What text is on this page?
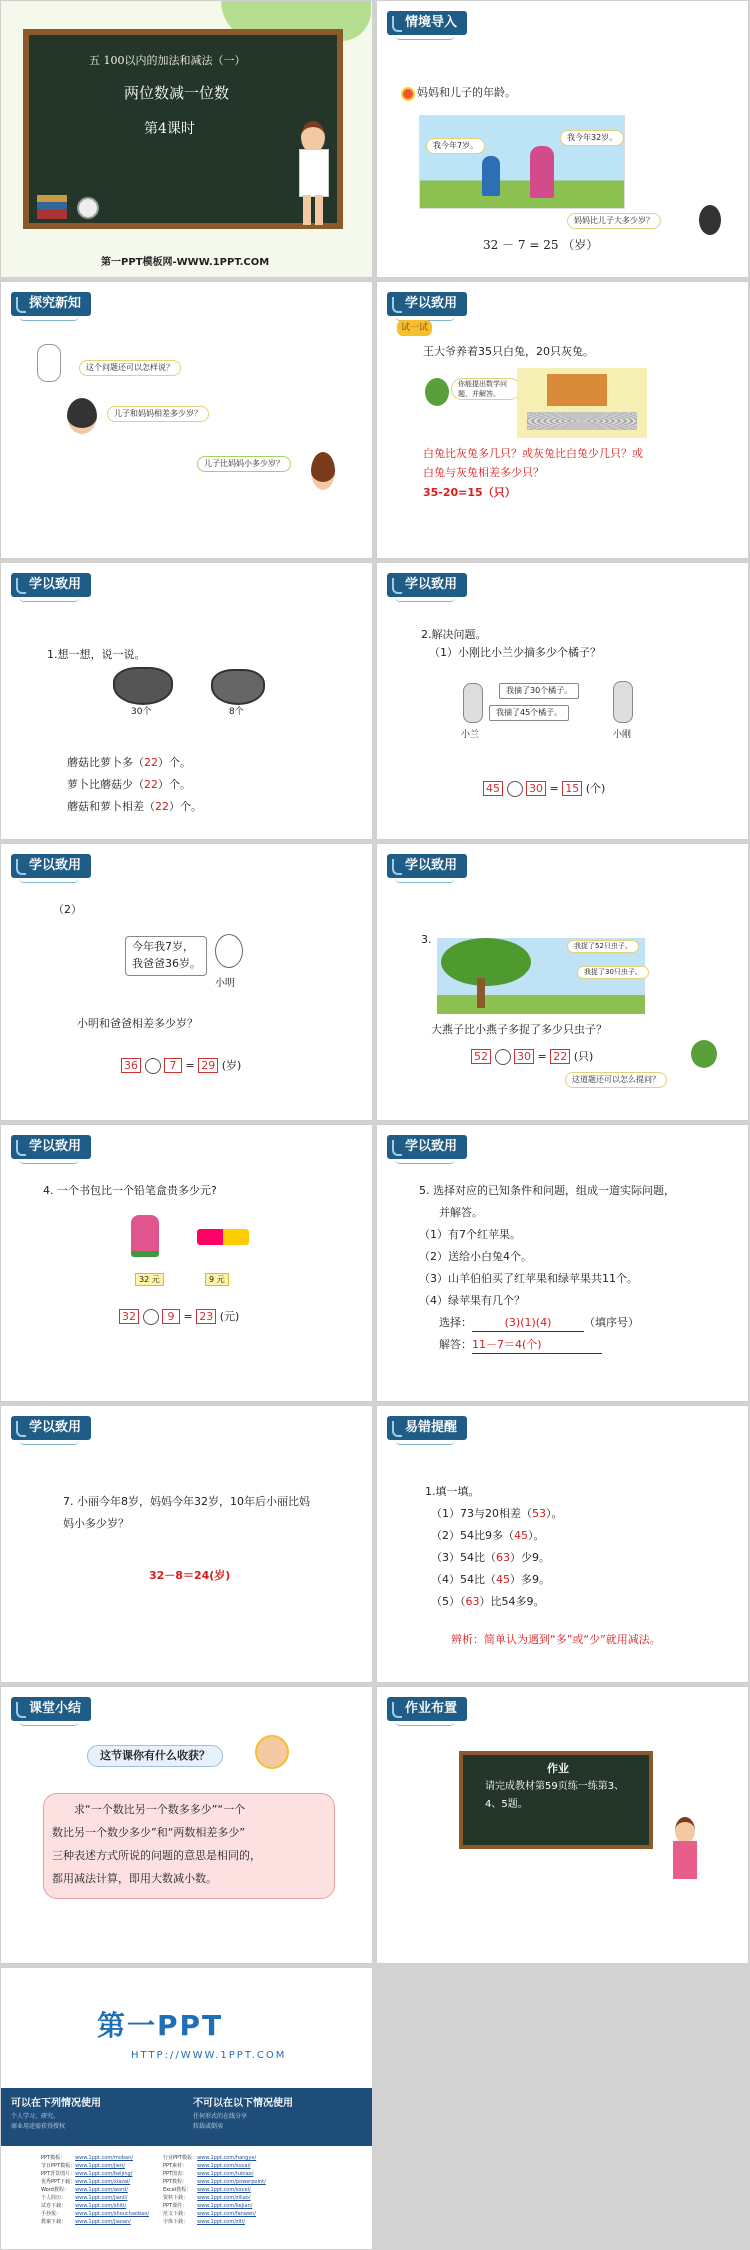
五 100以内的加法和减法（一）
两位数减一位数
第4课时
第一PPT模板网-WWW.1PPT.COM
情境导入
妈妈和儿子的年龄。
我今年7岁。
我今年32岁。
妈妈比儿子大多少岁？
32 － 7 = 25 （岁）
探究新知
这个问题还可以怎样说？
儿子和妈妈相差多少岁？
儿子比妈妈小多少岁？
学以致用
试一试
王大爷养着35只白兔，20只灰兔。
你能提出数学问题，并解答。
白兔比灰兔多几只？或灰兔比白兔少几只？或
白兔与灰兔相差多少只？
35-20=15（只）
学以致用
1.想一想，说一说。
30个	8个
蘑菇比萝卜多（22）个。
萝卜比蘑菇少（22）个。
蘑菇和萝卜相差（22）个。
学以致用
2.解决问题。
（1）小刚比小兰少摘多少个橘子？
我摘了30个橘子。
我摘了45个橘子。
小兰	小刚
45	30 = 15 (个)
学以致用
（2）
今年我7岁，
我爸爸36岁。
小明
小明和爸爸相差多少岁？
36	7 = 29 (岁)
学以致用
3.	我捉了52只虫子。
我捉了30只虫子。
大燕子比小燕子多捉了多少只虫子？
52	30 = 22 (只)
这道题还可以怎么提问？
学以致用
4. 一个书包比一个铅笔盒贵多少元?
32 元	9 元
32	9 = 23 (元)
学以致用
5. 选择对应的已知条件和问题，组成一道实际问题，
并解答。
（1）有7个红苹果。
（2）送给小白兔4个。
（3）山羊伯伯买了红苹果和绿苹果共11个。
（4）绿苹果有几个？
选择：	(3)(1)(4)	（填序号）
解答：11－7＝4(个)
学以致用
7. 小丽今年8岁，妈妈今年32岁，10年后小丽比妈
妈小多少岁？
32－8＝24(岁)
易错提醒
1.填一填。
（1）73与20相差（53）。
（2）54比9多（45）。
（3）54比（63）少9。
（4）54比（45）多9。
（5）（63）比54多9。
辨析：简单认为遇到“多”或“少”就用减法。
课堂小结
这节课你有什么收获？
求“一个数比另一个数多多少”“一个
数比另一个数少多少”和“两数相差多少”
三种表述方式所说的问题的意思是相同的，
都用减法计算，即用大数减小数。
作业布置
作业
请完成教材第59页练一练第3、
4、5题。
第一PPT
HTTP://WWW.1PPT.COM
可以在下列情况使用
个人学习、研究。
商业用途需获得授权
不可以在以下情况使用
任何形式的在线分享
转载或倒卖
PPT模板：	www.1ppt.com/moban/	行业PPT模板：	www.1ppt.com/hangye/
节日PPT模板：	www.1ppt.com/jieri/	PPT素材：	www.1ppt.com/sucai/
PPT背景图片：	www.1ppt.com/beijing/	PPT图表：	www.1ppt.com/tubiao/
优秀PPT下载：	www.1ppt.com/xiazai/	PPT教程：	www.1ppt.com/powerpoint/
Word教程：	www.1ppt.com/word/	Excel教程：	www.1ppt.com/excel/
个人简历：	www.1ppt.com/jianli/	资料下载：	www.1ppt.com/ziliao/
试卷下载：	www.1ppt.com/shiti/	PPT课件：	www.1ppt.com/kejian/
手抄报：	www.1ppt.com/shouchaobao/	范文下载：	www.1ppt.com/fanwen/
教案下载：	www.1ppt.com/jiaoan/	字体下载：	www.1ppt.com/ziti/
